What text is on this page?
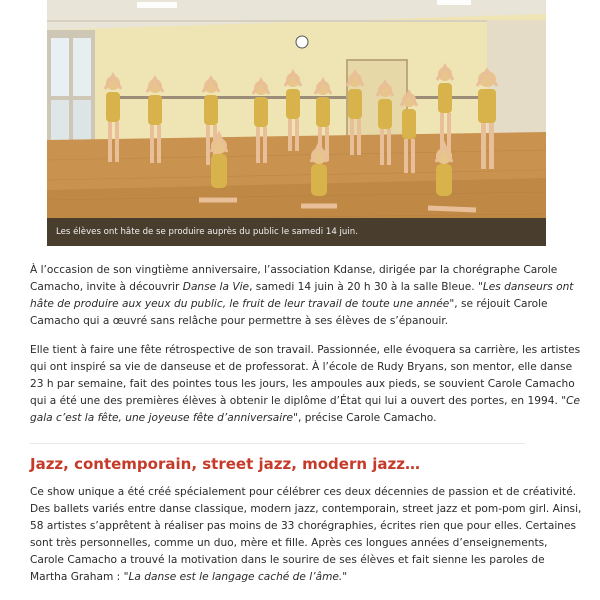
Les élèves ont hâte de se produire auprès du public le samedi 14 juin.

À l’occasion de son vingtième anniversaire, l’association Kdanse, dirigée par la chorégraphe Carole Camacho, invite à découvrir Danse la Vie, samedi 14 juin à 20 h 30 à la salle Bleue. "Les danseurs ont hâte de produire aux yeux du public, le fruit de leur travail de toute une année", se réjouit Carole Camacho qui a œuvré sans relâche pour permettre à ses élèves de s’épanouir.

Elle tient à faire une fête rétrospective de son travail. Passionnée, elle évoquera sa carrière, les artistes qui ont inspiré sa vie de danseuse et de professorat. À l’école de Rudy Bryans, son mentor, elle danse 23 h par semaine, fait des pointes tous les jours, les ampoules aux pieds, se souvient Carole Camacho qui a été une des premières élèves à obtenir le diplôme d’État qui lui a ouvert des portes, en 1994. "Ce gala c’est la fête, une joyeuse fête d’anniversaire", précise Carole Camacho.

Jazz, contemporain, street jazz, modern jazz…

Ce show unique a été créé spécialement pour célébrer ces deux décennies de passion et de créativité. Des ballets variés entre danse classique, modern jazz, contemporain, street jazz et pom-pom girl. Ainsi, 58 artistes s’apprêtent à réaliser pas moins de 33 chorégraphies, écrites rien que pour elles. Certaines sont très personnelles, comme un duo, mère et fille. Après ces longues années d’enseignements, Carole Camacho a trouvé la motivation dans le sourire de ses élèves et fait sienne les paroles de Martha Graham : "La danse est le langage caché de l’âme."
